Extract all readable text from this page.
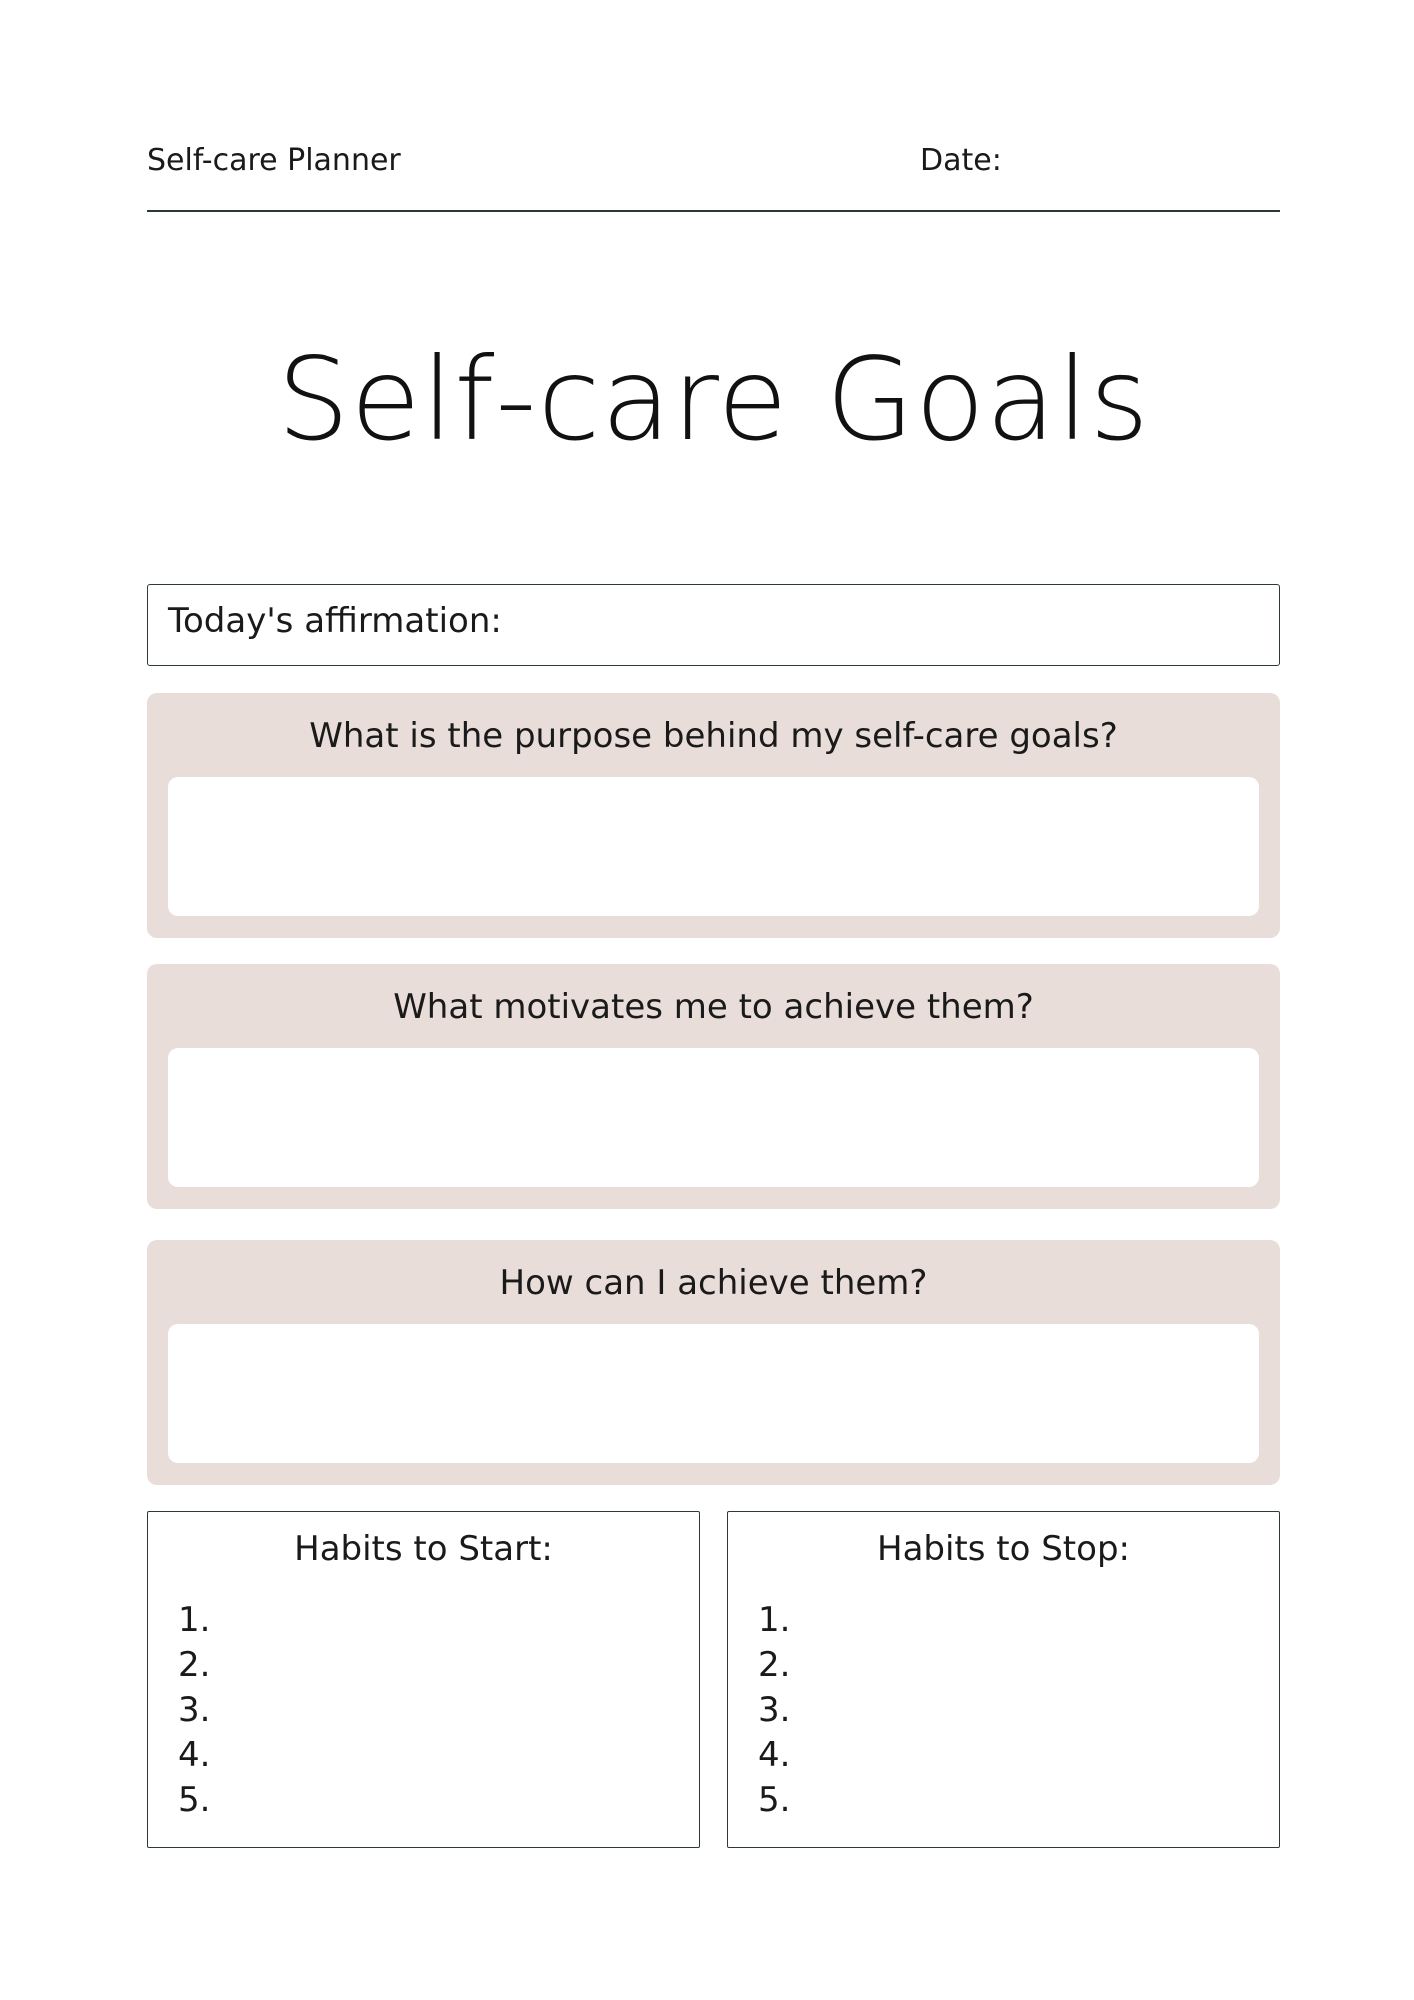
Self-care Planner	Date:
Self-care Goals
Today's affirmation:
What is the purpose behind my self-care goals?
What motivates me to achieve them?
How can I achieve them?
Habits to Start:
1.
2.
3.
4.
5.
Habits to Stop:
1.
2.
3.
4.
5.
